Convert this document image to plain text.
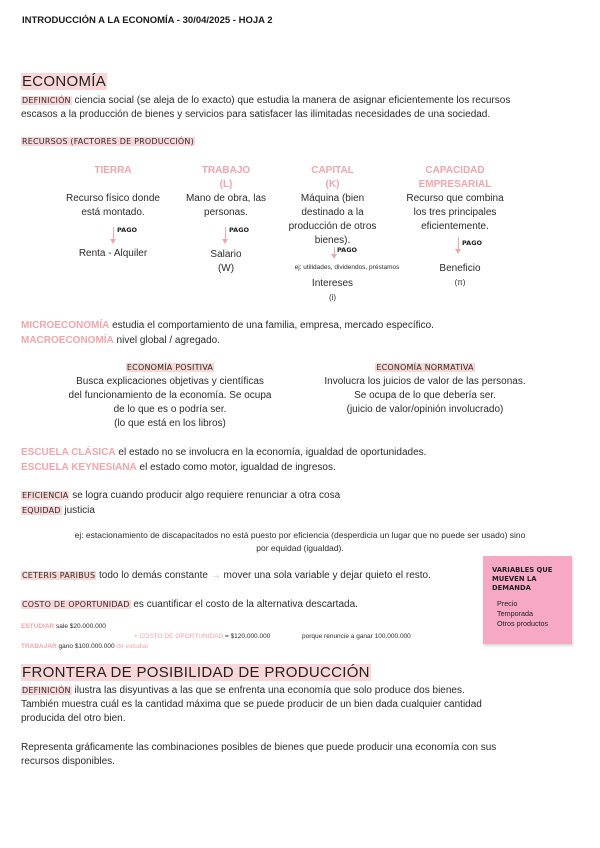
INTRODUCCIÓN A LA ECONOMÍA - 30/04/2025 - HOJA 2
ECONOMÍA
DEFINICIÓN ciencia social (se aleja de lo exacto) que estudia la manera de asignar eficientemente los recursos
escasos a la producción de bienes y servicios para satisfacer las ilimitadas necesidades de una sociedad.
RECURSOS (FACTORES DE PRODUCCIÓN)
TIERRA
Recurso físico donde
está montado.
PAGO
Renta - Alquiler
TRABAJO
(L)
Mano de obra, las
personas.
PAGO
Salario
(W)
CAPITAL
(K)
Máquina (bien
destinado a la
producción de otros
bienes).
PAGO
ej: utilidades, dividendos, préstamos
Intereses
(i)
CAPACIDAD
EMPRESARIAL
Recurso que combina
los tres principales
eficientemente.
PAGO
Beneficio
(π)
MICROECONOMÍA estudia el comportamiento de una familia, empresa, mercado específico.
MACROECONOMÍA nivel global / agregado.
ECONOMÍA POSITIVA
Busca explicaciones objetivas y científicas
del funcionamiento de la economía. Se ocupa
de lo que es o podría ser.
(lo que está en los libros)
ECONOMÍA NORMATIVA
Involucra los juicios de valor de las personas.
Se ocupa de lo que debería ser.
(juicio de valor/opinión involucrado)
ESCUELA CLÁSICA el estado no se involucra en la economía, igualdad de oportunidades.
ESCUELA KEYNESIANA el estado como motor, igualdad de ingresos.
EFICIENCIA se logra cuando producir algo requiere renunciar a otra cosa
EQUIDAD justicia
ej: estacionamiento de discapacitados no está puesto por eficiencia (desperdicia un lugar que no puede ser usado) sino
por equidad (igualdad).
CETERIS PARIBUS todo lo demás constante → mover una sola variable y dejar quieto el resto.	VARIABLES QUE
MUEVEN LA
DEMANDA
Precio
Temporada
Otros productos
COSTO DE OPORTUNIDAD es cuantificar el costo de la alternativa descartada.
ESTUDIAR sale $20.000.000
+ COSTO DE OPORTUNIDAD = $120.000.000	porque renuncie a ganar 100.000.000
TRABAJAR gano $100.000.000 de estudiar
FRONTERA DE POSIBILIDAD DE PRODUCCIÓN
DEFINICIÓN ilustra las disyuntivas a las que se enfrenta una economía que solo produce dos bienes.
También muestra cuál es la cantidad máxima que se puede producir de un bien dada cualquier cantidad
producida del otro bien.
Representa gráficamente las combinaciones posibles de bienes que puede producir una economía con sus
recursos disponibles.
